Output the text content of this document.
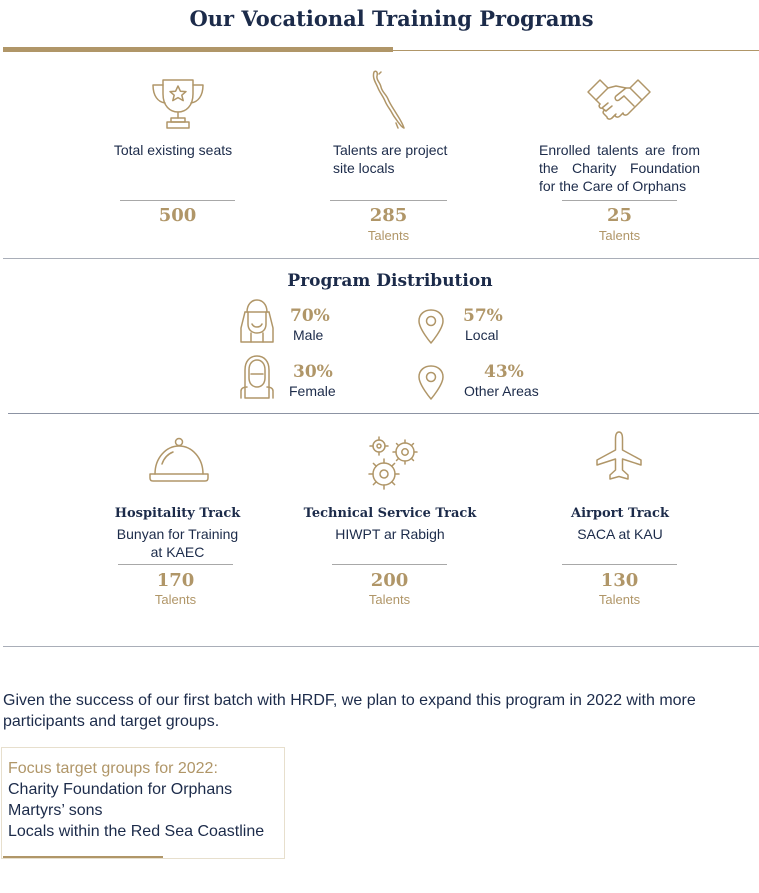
Our Vocational Training Programs
Total existing seats
500
Talents are project
site locals
285
Talents
Enrolled talents are from
the Charity Foundation
for the Care of Orphans
25
Talents
Program Distribution
70%
Male
57%
Local
30%
Female
43%
Other Areas
Hospitality Track
Bunyan for Training
at KAEC
170
Talents
Technical Service Track
HIWPT ar Rabigh
200
Talents
Airport Track
SACA at KAU
130
Talents
Given the success of our first batch with HRDF, we plan to expand this program in 2022 with more
participants and target groups.
Focus target groups for 2022:
Charity Foundation for Orphans
Martyrs’ sons
Locals within the Red Sea Coastline
